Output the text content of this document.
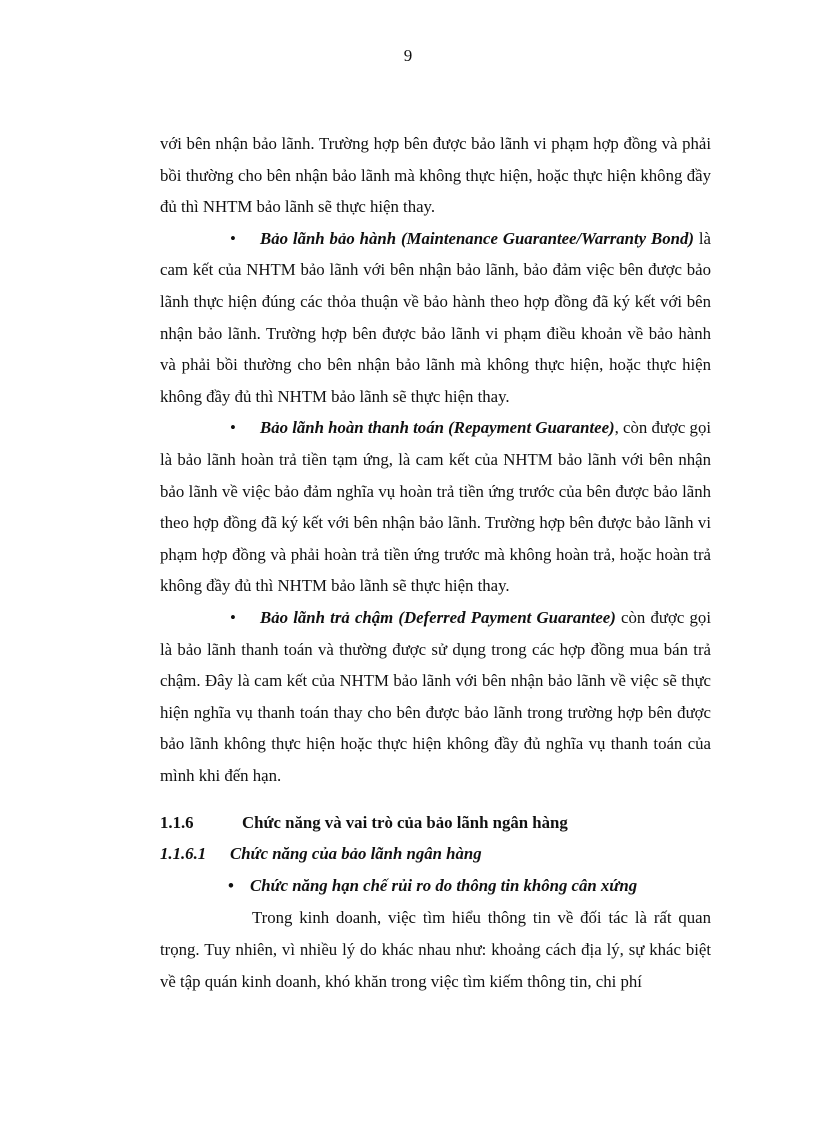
9

với bên nhận bảo lãnh. Trường hợp bên được bảo lãnh vi phạm hợp đồng và phải bồi thường cho bên nhận bảo lãnh mà không thực hiện, hoặc thực hiện không đầy đủ thì NHTM bảo lãnh sẽ thực hiện thay.

• Bảo lãnh bảo hành (Maintenance Guarantee/Warranty Bond) là cam kết của NHTM bảo lãnh với bên nhận bảo lãnh, bảo đảm việc bên được bảo lãnh thực hiện đúng các thỏa thuận về bảo hành theo hợp đồng đã ký kết với bên nhận bảo lãnh. Trường hợp bên được bảo lãnh vi phạm điều khoản về bảo hành và phải bồi thường cho bên nhận bảo lãnh mà không thực hiện, hoặc thực hiện không đầy đủ thì NHTM bảo lãnh sẽ thực hiện thay.

• Bảo lãnh hoàn thanh toán (Repayment Guarantee), còn được gọi là bảo lãnh hoàn trả tiền tạm ứng, là cam kết của NHTM bảo lãnh với bên nhận bảo lãnh về việc bảo đảm nghĩa vụ hoàn trả tiền ứng trước của bên được bảo lãnh theo hợp đồng đã ký kết với bên nhận bảo lãnh. Trường hợp bên được bảo lãnh vi phạm hợp đồng và phải hoàn trả tiền ứng trước mà không hoàn trả, hoặc hoàn trả không đầy đủ thì NHTM bảo lãnh sẽ thực hiện thay.

• Bảo lãnh trả chậm (Deferred Payment Guarantee) còn được gọi là bảo lãnh thanh toán và thường được sử dụng trong các hợp đồng mua bán trả chậm. Đây là cam kết của NHTM bảo lãnh với bên nhận bảo lãnh về việc sẽ thực hiện nghĩa vụ thanh toán thay cho bên được bảo lãnh trong trường hợp bên được bảo lãnh không thực hiện hoặc thực hiện không đầy đủ nghĩa vụ thanh toán của mình khi đến hạn.

1.1.6	Chức năng và vai trò của bảo lãnh ngân hàng
1.1.6.1 Chức năng của bảo lãnh ngân hàng
• Chức năng hạn chế rủi ro do thông tin không cân xứng

Trong kinh doanh, việc tìm hiểu thông tin về đối tác là rất quan trọng. Tuy nhiên, vì nhiều lý do khác nhau như: khoảng cách địa lý, sự khác biệt về tập quán kinh doanh, khó khăn trong việc tìm kiếm thông tin, chi phí
